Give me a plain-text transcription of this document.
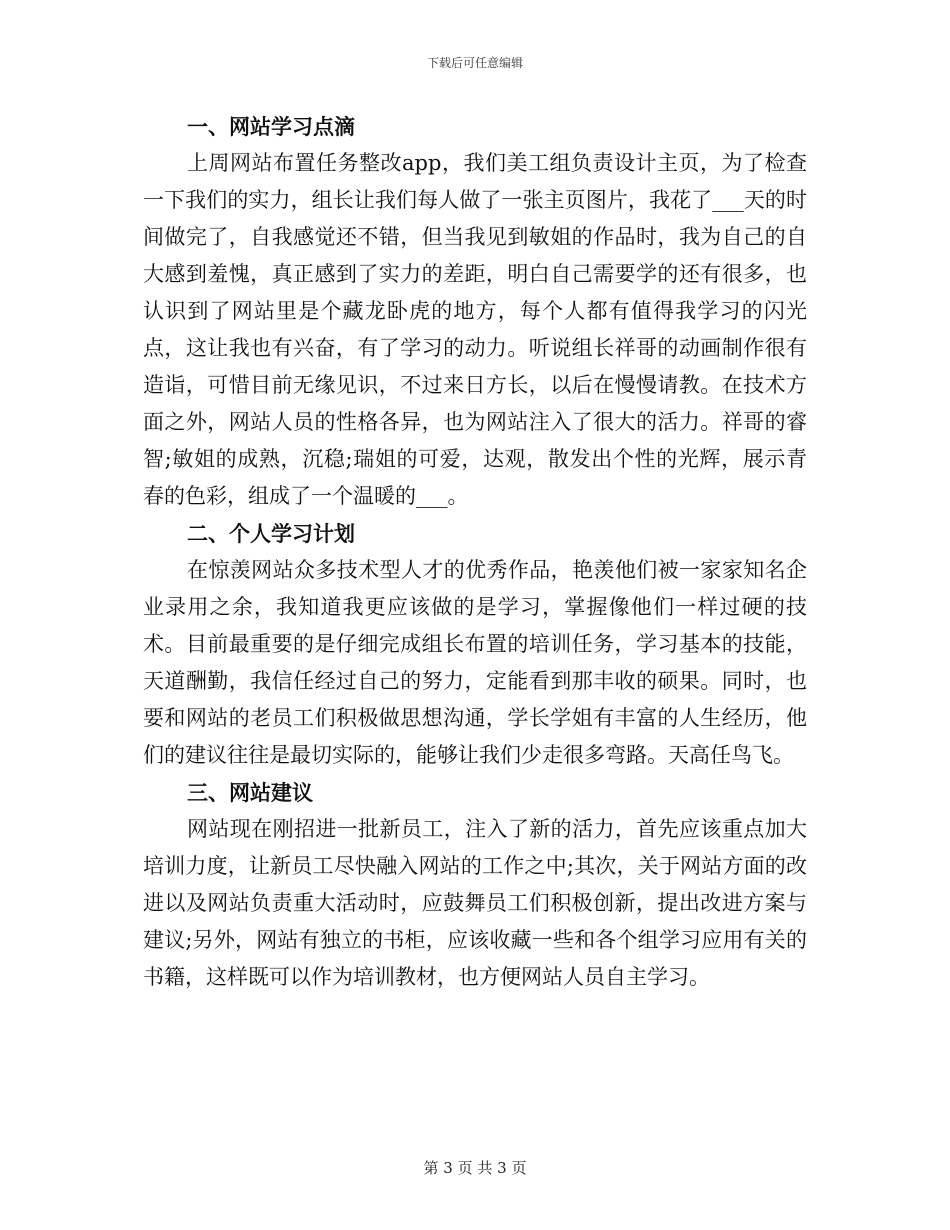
下载后可任意编辑

一、网站学习点滴

上周网站布置任务整改app，我们美工组负责设计主页，为了检查一下我们的实力，组长让我们每人做了一张主页图片，我花了___天的时间做完了，自我感觉还不错，但当我见到敏姐的作品时，我为自己的自大感到羞愧，真正感到了实力的差距，明白自己需要学的还有很多，也认识到了网站里是个藏龙卧虎的地方，每个人都有值得我学习的闪光点，这让我也有兴奋，有了学习的动力。听说组长祥哥的动画制作很有造诣，可惜目前无缘见识，不过来日方长，以后在慢慢请教。在技术方面之外，网站人员的性格各异，也为网站注入了很大的活力。祥哥的睿智;敏姐的成熟，沉稳;瑞姐的可爱，达观，散发出个性的光辉，展示青春的色彩，组成了一个温暖的___。

二、个人学习计划

在惊羡网站众多技术型人才的优秀作品，艳羡他们被一家家知名企业录用之余，我知道我更应该做的是学习，掌握像他们一样过硬的技术。目前最重要的是仔细完成组长布置的培训任务，学习基本的技能，天道酬勤，我信任经过自己的努力，定能看到那丰收的硕果。同时，也要和网站的老员工们积极做思想沟通，学长学姐有丰富的人生经历，他们的建议往往是最切实际的，能够让我们少走很多弯路。天高任鸟飞。

三、网站建议

网站现在刚招进一批新员工，注入了新的活力，首先应该重点加大培训力度，让新员工尽快融入网站的工作之中;其次，关于网站方面的改进以及网站负责重大活动时，应鼓舞员工们积极创新，提出改进方案与建议;另外，网站有独立的书柜，应该收藏一些和各个组学习应用有关的书籍，这样既可以作为培训教材，也方便网站人员自主学习。

第 3 页 共 3 页
